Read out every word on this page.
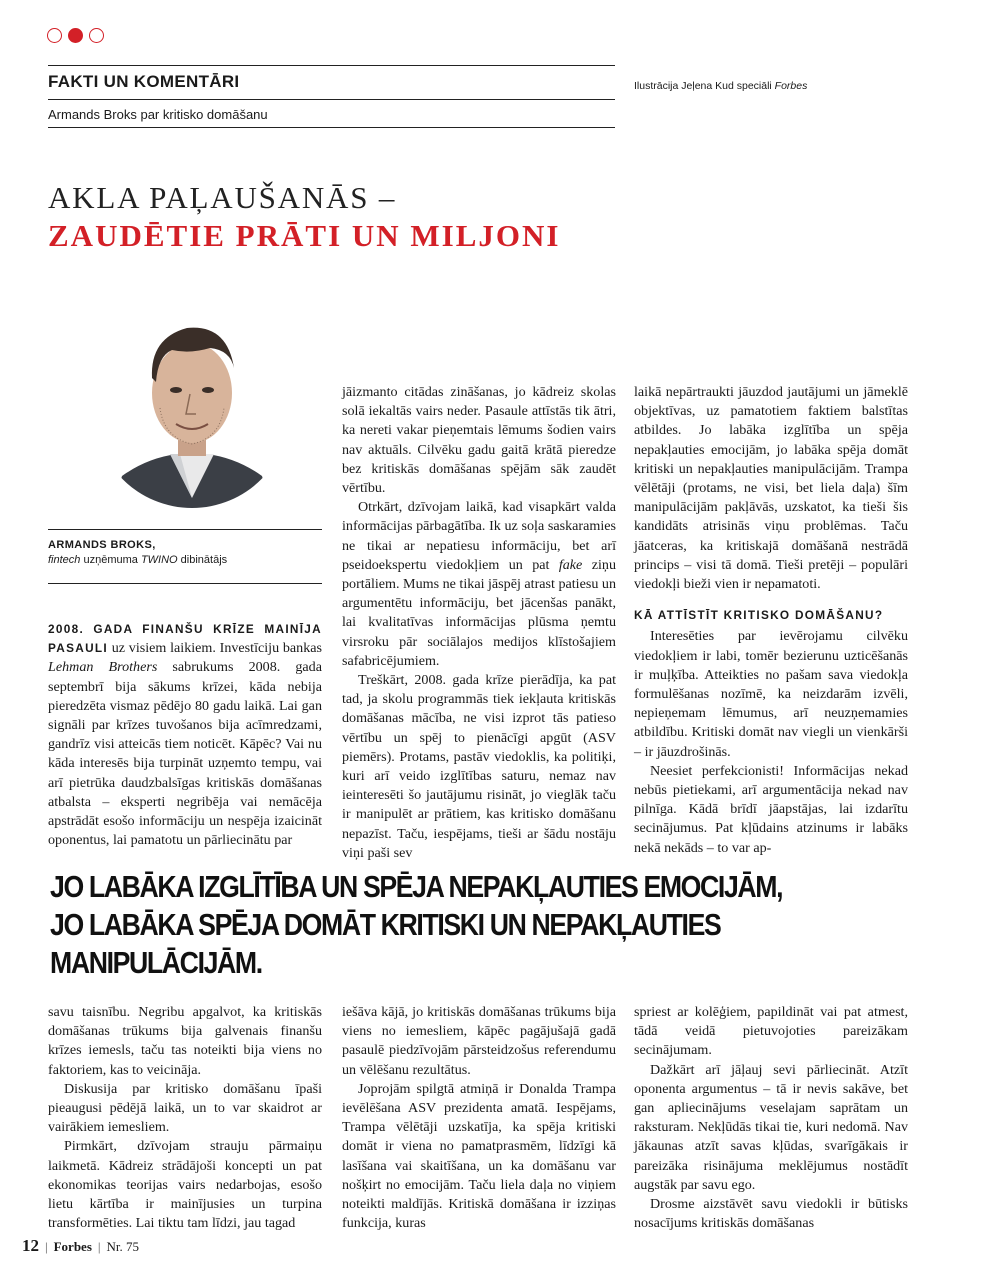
FAKTI UN KOMENTĀRI
Armands Broks par kritisko domāšanu
Ilustrācija Jeļena Kud speciāli Forbes
AKLA PAĻAUŠANĀS –
ZAUDĒTIE PRĀTI UN MILJONI
ARMANDS BROKS,
fintech uzņēmuma TWINO dibinātājs

2008. GADA FINANŠU KRĪZE MAINĪJA PASAULI uz visiem laikiem. Investīciju bankas Lehman Brothers sabrukums 2008. gada septembrī bija sākums krīzei, kāda nebija pieredzēta vismaz pēdējo 80 gadu laikā. Lai gan signāli par krīzes tuvošanos bija acīmredzami, gandrīz visi atteicās tiem noticēt. Kāpēc? Vai nu kāda interesēs bija turpināt uzņemto tempu, vai arī pietrūka daudzbalsīgas kritiskās domāšanas atbalsta – eksperti negribēja vai nemācēja apstrādāt esošo informāciju un nespēja izaicināt oponentus, lai pamatotu un pārliecinātu par

jāizmanto citādas zināšanas, jo kādreiz skolas solā iekaltās vairs neder. Pasaule attīstās tik ātri, ka nereti vakar pieņemtais lēmums šodien vairs nav aktuāls. Cilvēku gadu gaitā krātā pieredze bez kritiskās domāšanas spējām sāk zaudēt vērtību.

Otrkārt, dzīvojam laikā, kad visapkārt valda informācijas pārbagātība. Ik uz soļa saskaramies ne tikai ar nepatiesu informāciju, bet arī pseidoekspertu viedokļiem un pat fake ziņu portāliem. Mums ne tikai jāspēj atrast patiesu un argumentētu informāciju, bet jācenšas panākt, lai kvalitatīvas informācijas plūsma ņemtu virsroku pār sociālajos medijos klīstošajiem safabricējumiem.

Treškārt, 2008. gada krīze pierādīja, ka pat tad, ja skolu programmās tiek iekļauta kritiskās domāšanas mācība, ne visi izprot tās patieso vērtību un spēj to pienācīgi apgūt (ASV piemērs). Protams, pastāv viedoklis, ka politiķi, kuri arī veido izglītības saturu, nemaz nav ieinteresēti šo jautājumu risināt, jo vieglāk taču ir manipulēt ar prātiem, kas kritisko domāšanu nepazīst. Taču, iespējams, tieši ar šādu nostāju viņi paši sev

laikā nepārtraukti jāuzdod jautājumi un jāmeklē objektīvas, uz pamatotiem faktiem balstītas atbildes. Jo labāka izglītība un spēja nepakļauties emocijām, jo labāka spēja domāt kritiski un nepakļauties manipulācijām. Trampa vēlētāji (protams, ne visi, bet liela daļa) šīm manipulācijām pakļāvās, uzskatot, ka tieši šis kandidāts atrisinās viņu problēmas. Taču jāatceras, ka kritiskajā domāšanā nestrādā princips – visi tā domā. Tieši pretēji – populāri viedokļi bieži vien ir nepamatoti.

KĀ ATTĪSTĪT KRITISKO DOMĀŠANU?

Interesēties par ievērojamu cilvēku viedokļiem ir labi, tomēr bezierunu uzticēšanās ir muļķība. Atteikties no pašam sava viedokļa formulēšanas nozīmē, ka neizdarām izvēli, nepieņemam lēmumus, arī neuzņemamies atbildību. Kritiski domāt nav viegli un vienkārši – ir jāuzdrošinās.

Neesiet perfekcionisti! Informācijas nekad nebūs pietiekami, arī argumentācija nekad nav pilnīga. Kādā brīdī jāapstājas, lai izdarītu secinājumus. Pat kļūdains atzinums ir labāks nekā nekāds – to var ap-

JO LABĀKA IZGLĪTĪBA UN SPĒJA NEPAKĻAUTIES EMOCIJĀM,
JO LABĀKA SPĒJA DOMĀT KRITISKI UN NEPAKĻAUTIES
MANIPULĀCIJĀM.

savu taisnību. Negribu apgalvot, ka kritiskās domāšanas trūkums bija galvenais finanšu krīzes iemesls, taču tas noteikti bija viens no faktoriem, kas to veicināja.

Diskusija par kritisko domāšanu īpaši pieaugusi pēdējā laikā, un to var skaidrot ar vairākiem iemesliem.

Pirmkārt, dzīvojam strauju pārmaiņu laikmetā. Kādreiz strādājoši koncepti un pat ekonomikas teorijas vairs nedarbojas, esošo lietu kārtība ir mainījusies un turpina transformēties. Lai tiktu tam līdzi, jau tagad

iešāva kājā, jo kritiskās domāšanas trūkums bija viens no iemesliem, kāpēc pagājušajā gadā pasaulē piedzīvojām pārsteidzošus referendumu un vēlēšanu rezultātus.

Joprojām spilgtā atmiņā ir Donalda Trampa ievēlēšana ASV prezidenta amatā. Iespējams, Trampa vēlētāji uzskatīja, ka spēja kritiski domāt ir viena no pamatprasmēm, līdzīgi kā lasīšana vai skaitīšana, un ka domāšanu var nošķirt no emocijām. Taču liela daļa no viņiem noteikti maldījās. Kritiskā domāšana ir izziņas funkcija, kuras

spriest ar kolēģiem, papildināt vai pat atmest, tādā veidā pietuvojoties pareizākam secinājumam.

Dažkārt arī jāļauj sevi pārliecināt. Atzīt oponenta argumentus – tā ir nevis sakāve, bet gan apliecinājums veselajam saprātam un raksturam. Nekļūdās tikai tie, kuri nedomā. Nav jākaunas atzīt savas kļūdas, svarīgākais ir pareizāka risinājuma meklējumus nostādīt augstāk par savu ego.

Drosme aizstāvēt savu viedokli ir būtisks nosacījums kritiskās domāšanas

12 | Forbes | Nr. 75
